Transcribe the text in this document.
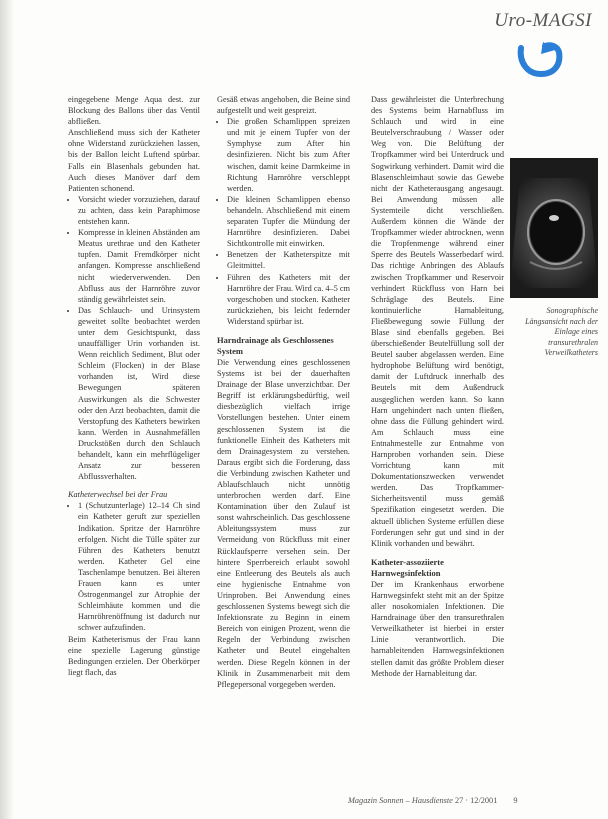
Uro-MAGSI

eingegebene Menge Aqua dest. zur Blockung des Ballons über das Ventil abfließen.

Anschließend muss sich der Katheter ohne Widerstand zurückziehen lassen, bis der Ballon leicht Luftend spürbar. Falls ein Blasenhals gebunden hat. Auch dieses Manöver darf dem Patienten schonend.

• Vorsicht wieder vorzuziehen, darauf zu achten, dass kein Paraphimose entstehen kann.
• Kompresse in kleinen Abständen am Meatus urethrae und den Katheter tupfen. Damit Fremdkörper nicht anfangen. Kompresse anschließend nicht wiederverwenden. Den Abfluss aus der Harnröhre zuvor ständig gewährleistet sein.
• Das Schlauch- und Urinsystem geweitet sollte beobachtet werden unter dem Gesichtspunkt, dass unauffälliger Urin vorhanden ist. Wenn reichlich Sediment, Blut oder Schleim (Flocken) in der Blase vorhanden ist, Wird diese Bewegungen späteren Auswirkungen als die Schwester oder den Arzt beobachten, damit die Verstopfung des Katheters bewirken kann. Werden in Ausnahmefällen Druckstößen durch den Schlauch behandelt, kann ein mehrflügeliger Ansatz zur besseren Abflussverhalten.

Katheterwechsel bei der Frau

• 1 (Schutzunterlage) 12–14 Ch sind ein Katheter geruft zur speziellen Indikation. Spritze der Harnröhre erfolgen. Nicht die Tülle später zur Führen des Katheters benutzt werden. Katheter Gel eine Taschenlampe benutzen. Bei älteren Frauen kann es unter Östrogenmangel zur Atrophie der Schleimhäute kommen und die Harnröhrenöffnung ist dadurch nur schwer aufzufinden.

Beim Katheterismus der Frau kann eine spezielle Lagerung günstige Bedingungen erzielen. Der Oberkörper liegt flach, das

Gesäß etwas angehoben, die Beine sind aufgestellt und weit gespreizt.

• Die großen Schamlippen spreizen und mit je einem Tupfer von der Symphyse zum After hin desinfizieren. Nicht bis zum After wischen, damit keine Darmkeime in Richtung Harnröhre verschleppt werden.
• Die kleinen Schamlippen ebenso behandeln. Abschließend mit einem separaten Tupfer die Mündung der Harnröhre desinfizieren. Dabei Sichtkontrolle mit einwirken.
• Benetzen der Katheterspitze mit Gleitmittel.
• Führen des Katheters mit der Harnröhre der Frau. Wird ca. 4–5 cm vorgeschoben und stocken. Katheter zurückziehen, bis leicht federnder Widerstand spürbar ist.
Harndrainage als Geschlossenes System

Die Verwendung eines geschlossenen Systems ist bei der dauerhaften Drainage der Blase unverzichtbar. Der Begriff ist erklärungsbedürftig, weil diesbezüglich vielfach irrige Vorstellungen bestehen. Unter einem geschlossenen System ist die funktionelle Einheit des Katheters mit dem Drainagesystem zu verstehen. Daraus ergibt sich die Forderung, dass die Verbindung zwischen Katheter und Ablaufschlauch nicht unnötig unterbrochen werden darf. Eine Kontamination über den Zulauf ist sonst wahrscheinlich. Das geschlossene Ableitungssystem muss zur Vermeidung von Rückfluss mit einer Rücklaufsperre versehen sein. Der hintere Sperrbereich erlaubt sowohl eine Entleerung des Beutels als auch eine hygienische Entnahme von Urinproben. Bei Anwendung eines geschlossenen Systems bewegt sich die Infektionsrate zu Beginn in einem Bereich von einigen Prozent, wenn die Regeln der Verbindung zwischen Katheter und Beutel eingehalten werden. Diese Regeln können in der Klinik in Zusammenarbeit mit dem Pflegepersonal vorgegeben werden.

Dass gewährleistet die Unterbrechung des Systems beim Harnabfluss im Schlauch und wird in eine Beutelverschraubung / Wasser oder Weg von. Die Belüftung der Tropfkammer wird bei Unterdruck und Sogwirkung verhindert. Damit wird die Blasenschleimhaut sowie das Gewebe nicht der Katheterausgang angesaugt. Bei Anwendung müssen alle Systemteile dicht verschließen. Außerdem können die Wände der Tropfkammer wieder abtrocknen, wenn die Tropfenmenge während einer Sperre des Beutels Wasserbedarf wird. Das richtige Anbringen des Ablaufs zwischen Tropfkammer und Reservoir verhindert Rückfluss von Harn bei Schräglage des Beutels. Eine kontinuierliche Harnableitung, Fließbewegung sowie Füllung der Blase sind ebenfalls gegeben. Bei überschießender Beutelfüllung soll der Beutel sauber abgelassen werden. Eine hydrophobe Belüftung wird benötigt, damit der Luftdruck innerhalb des Beutels mit dem Außendruck ausgeglichen werden kann. So kann Harn ungehindert nach unten fließen, ohne dass die Füllung gehindert wird. Am Schlauch muss eine Entnahmestelle zur Entnahme von Harnproben vorhanden sein. Diese Vorrichtung kann mit Dokumentationszwecken verwendet werden. Das Tropfkammer-Sicherheitsventil muss gemäß Spezifikation eingesetzt werden. Die aktuell üblichen Systeme erfüllen diese Forderungen sehr gut und sind in der Klinik vorhanden und bewährt.

Katheter-assoziierte Harnwegsinfektion

Der im Krankenhaus erworbene Harnwegsinfekt steht mit an der Spitze aller nosokomialen Infektionen. Die Harndrainage über den transurethralen Verweilkatheter ist hierbei in erster Linie verantwortlich. Die harnableitenden Harnwegsinfektionen stellen damit das größte Problem dieser Methode der Harnableitung dar.

Sonographische Längsansicht nach der Einlage eines transurethralen Verweilkatheters
Magazin Sonnen – Hausdienste 27 · 12/2001 9
